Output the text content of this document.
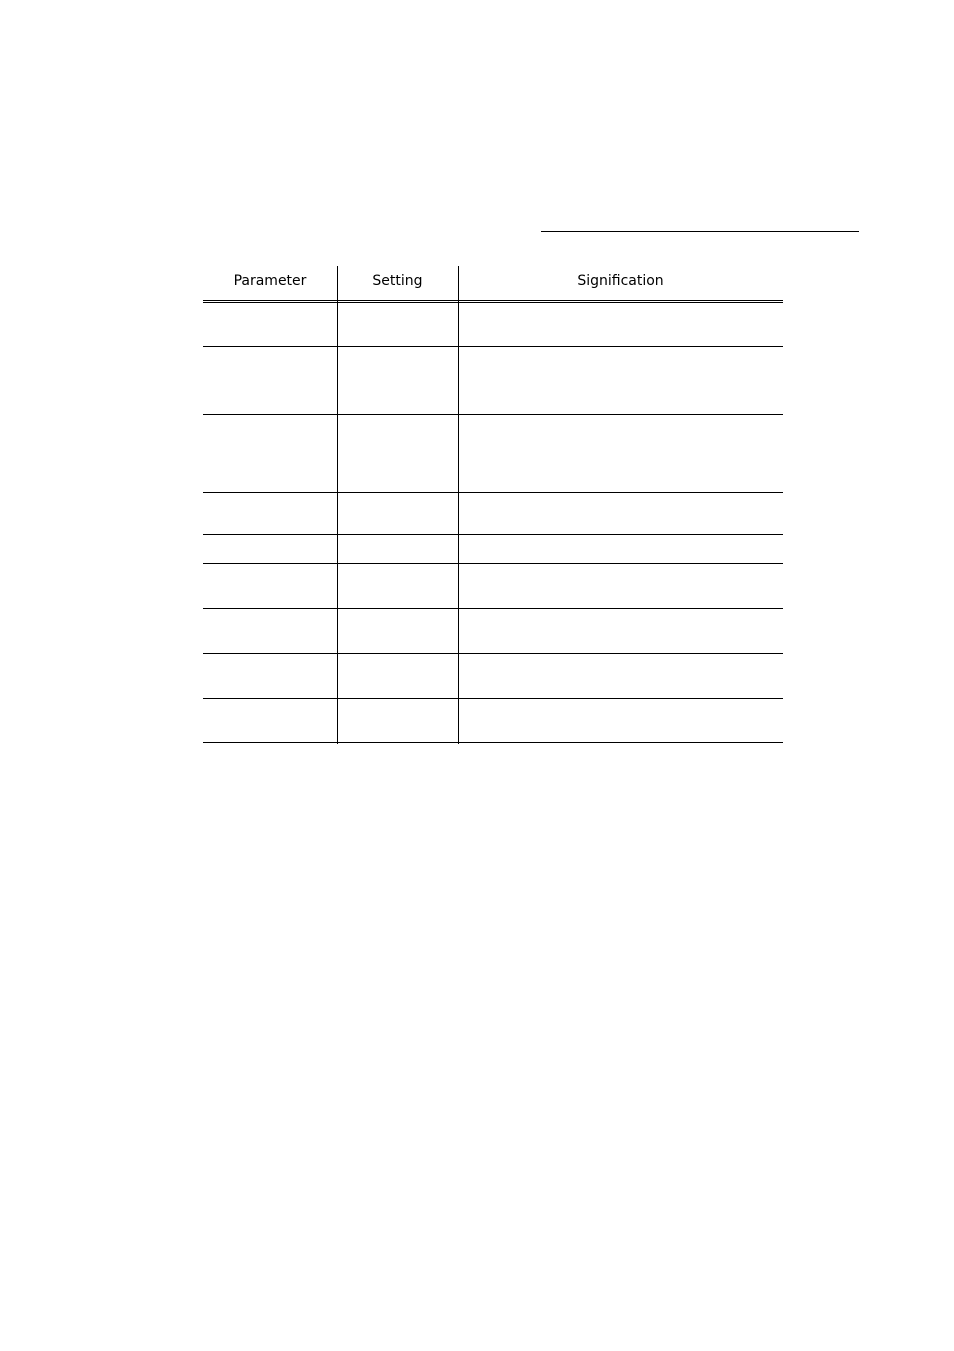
Parameter	Setting	Signification
